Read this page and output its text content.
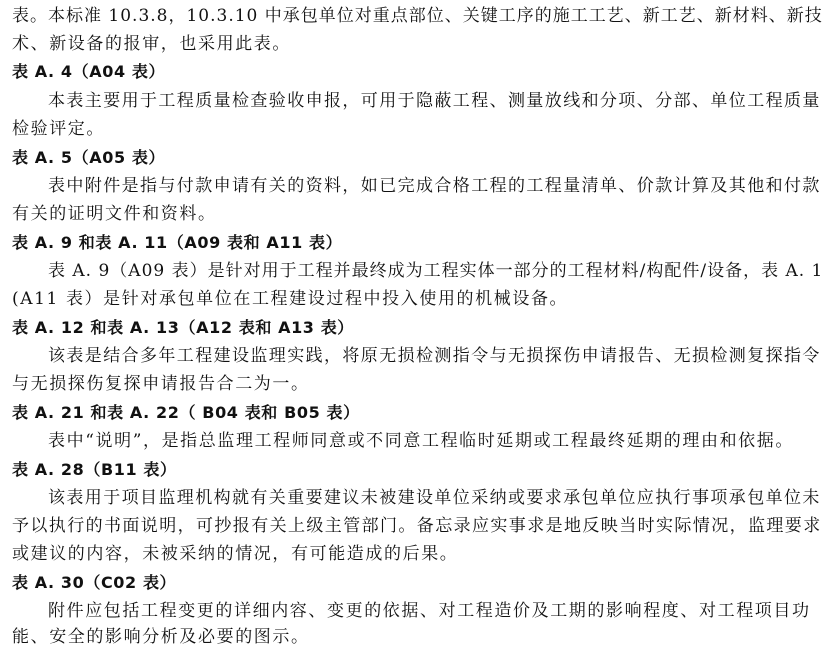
表。本标准 10.3.8，10.3.10 中承包单位对重点部位、关键工序的施工工艺、新工艺、新材料、新技
术、新设备的报审，也采用此表。
表 A. 4（A04 表）
本表主要用于工程质量检查验收申报，可用于隐蔽工程、测量放线和分项、分部、单位工程质量
检验评定。
表 A. 5（A05 表）
表中附件是指与付款申请有关的资料，如已完成合格工程的工程量清单、价款计算及其他和付款
有关的证明文件和资料。
表 A. 9 和表 A. 11（A09 表和 A11 表）
表 A. 9（A09 表）是针对用于工程并最终成为工程实体一部分的工程材料/构配件/设备，表 A. 1
(A11 表）是针对承包单位在工程建设过程中投入使用的机械设备。
表 A. 12 和表 A. 13（A12 表和 A13 表）
该表是结合多年工程建设监理实践，将原无损检测指令与无损探伤申请报告、无损检测复探指令
与无损探伤复探申请报告合二为一。
表 A. 21 和表 A. 22（ B04 表和 B05 表）
表中“说明”，是指总监理工程师同意或不同意工程临时延期或工程最终延期的理由和依据。
表 A. 28（B11 表）
该表用于项目监理机构就有关重要建议未被建设单位采纳或要求承包单位应执行事项承包单位未
予以执行的书面说明，可抄报有关上级主管部门。备忘录应实事求是地反映当时实际情况，监理要求
或建议的内容，未被采纳的情况，有可能造成的后果。
表 A. 30（C02 表）
附件应包括工程变更的详细内容、变更的依据、对工程造价及工期的影响程度、对工程项目功
能、安全的影响分析及必要的图示。
